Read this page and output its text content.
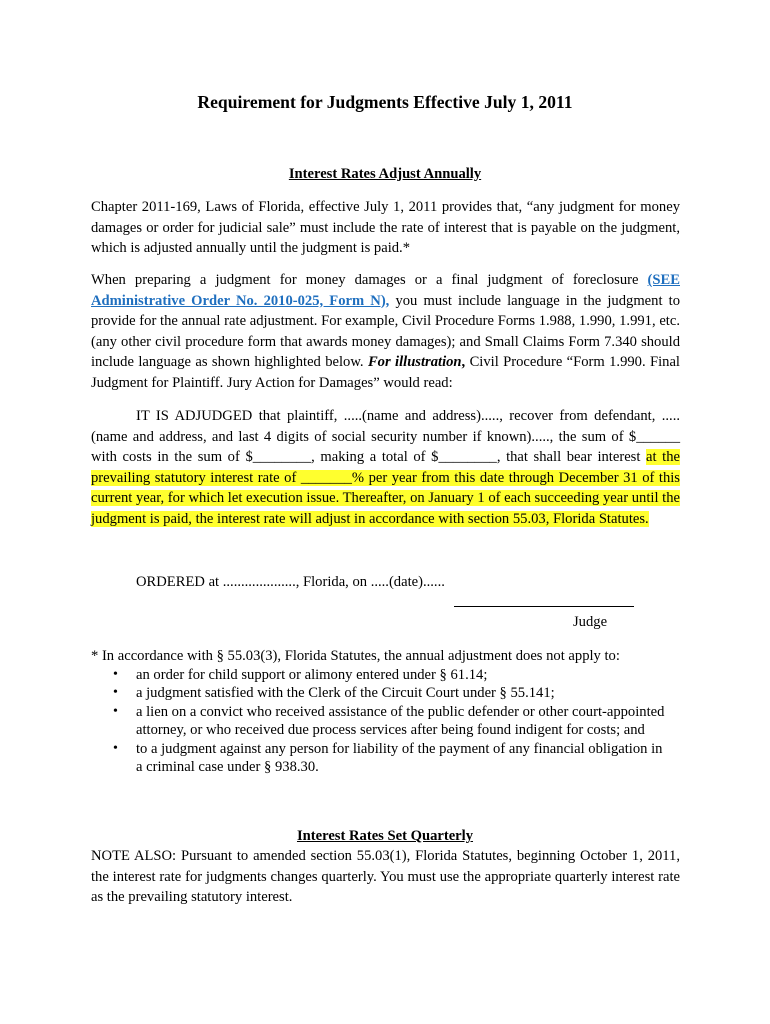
Requirement for Judgments Effective July 1, 2011
Interest Rates Adjust Annually

Chapter 2011-169, Laws of Florida, effective July 1, 2011 provides that, “any judgment for money damages or order for judicial sale” must include the rate of interest that is payable on the judgment, which is adjusted annually until the judgment is paid.*

When preparing a judgment for money damages or a final judgment of foreclosure (SEE Administrative Order No. 2010-025, Form N), you must include language in the judgment to provide for the annual rate adjustment. For example, Civil Procedure Forms 1.988, 1.990, 1.991, etc. (any other civil procedure form that awards money damages); and Small Claims Form 7.340 should include language as shown highlighted below. For illustration, Civil Procedure “Form 1.990. Final Judgment for Plaintiff. Jury Action for Damages” would read:

IT IS ADJUDGED that plaintiff, .....(name and address)....., recover from defendant, .....(name and address, and last 4 digits of social security number if known)....., the sum of $______ with costs in the sum of $________, making a total of $________, that shall bear interest at the prevailing statutory interest rate of _______% per year from this date through December 31 of this current year, for which let execution issue. Thereafter, on January 1 of each succeeding year until the judgment is paid, the interest rate will adjust in accordance with section 55.03, Florida Statutes.

ORDERED at ...................., Florida, on .....(date)......

Judge

* In accordance with § 55.03(3), Florida Statutes, the annual adjustment does not apply to:

• an order for child support or alimony entered under § 61.14;
• a judgment satisfied with the Clerk of the Circuit Court under § 55.141;
• a lien on a convict who received assistance of the public defender or other court-appointed attorney, or who received due process services after being found indigent for costs; and
• to a judgment against any person for liability of the payment of any financial obligation in a criminal case under § 938.30.
Interest Rates Set Quarterly

NOTE ALSO: Pursuant to amended section 55.03(1), Florida Statutes, beginning October 1, 2011, the interest rate for judgments changes quarterly. You must use the appropriate quarterly interest rate as the prevailing statutory interest.
